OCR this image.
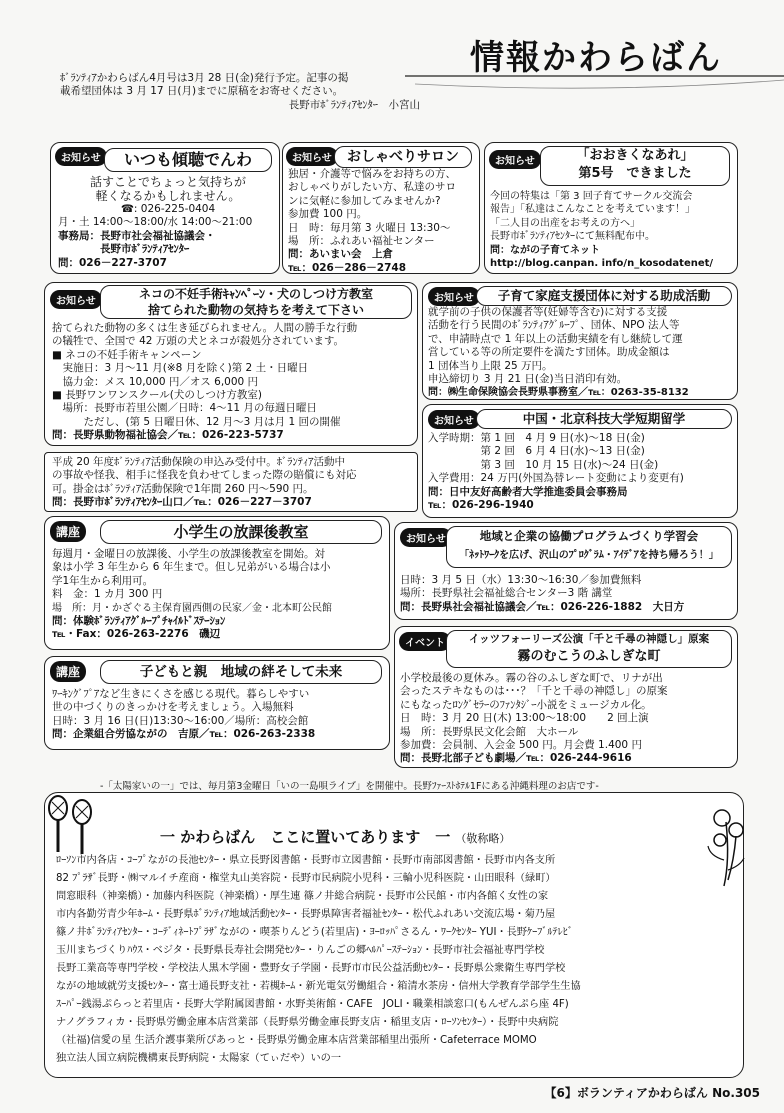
情報かわらばん

ﾎﾞﾗﾝﾃｨｱかわらばん4月号は3月 28 日(金)発行予定。記事の掲

載希望団体は 3 月 17 日(月)までに原稿をお寄せください。

長野市ﾎﾞﾗﾝﾃｨｱｾﾝﾀｰ　小宮山

お知らせ	いつも傾聴でんわ

話すことでちょっと気持ちが

軽くなるかもしれません。

☎: 026-225-0404

月・土 14:00～18:00/水 14:00～21:00

事務局：長野市社会福祉協議会・

　　　　長野市ﾎﾞﾗﾝﾃｨｱｾﾝﾀｰ

問：026－227-3707

お知らせ	おしゃべりサロン

独居・介護等で悩みをお持ちの方、

おしゃべりがしたい方、私達のサロ

ンに気軽に参加してみませんか?

参加費 100 円。

日　時：毎月第 3 火曜日 13:30～

場　所：ふれあい福祉センター

問：あいまい会　上倉

℡：026－286－2748

お知らせ	「おおきくなあれ」
第5号　できました

今回の特集は「第 3 回子育てサークル交流会

報告」「私達はこんなことを考えています！」

「二人目の出産をお考えの方へ」

長野市ﾎﾞﾗﾝﾃｨｱｾﾝﾀｰにて無料配布中。

問：ながの子育てネット

http://blog.canpan. info/n_kosodatenet/

お知らせ
ネコの不妊手術ｷｬﾝﾍﾟｰﾝ・犬のしつけ方教室
捨てられた動物の気持ちを考えて下さい

捨てられた動物の多くは生き延びられません。人間の勝手な行動

の犠牲で、全国で 42 万頭の犬とネコが殺処分されています。

■ ネコの不妊手術キャンペーン

　実施日：3 月～11 月(※8 月を除く)第 2 土・日曜日

　協力金：メス 10,000 円／オス 6,000 円

■ 長野ワンワンスクール(犬のしつけ方教室)

　場所：長野市若里公園／日時：4～11 月の毎週日曜日

　　　ただし、(第 5 日曜日休、12 月～3 月は月 1 回の開催

問：長野県動物福祉協会／℡：026-223-5737

お知らせ	子育て家庭支援団体に対する助成活動

就学前の子供の保護者等(妊婦等含む)に対する支援

活動を行う民間のﾎﾞﾗﾝﾃｨｱｸﾞﾙｰﾌﾟ、団体、NPO 法人等

で、申請時点で 1 年以上の活動実績を有し継続して運

営している等の所定要件を満たす団体。助成金額は

1 団体当り上限 25 万円。

申込締切り 3 月 21 日(金)当日消印有効。

問：㈱生命保険協会長野県事務室／℡：0263-35-8132

お知らせ	中国・北京科技大学短期留学

入学時期：第 1 回　4 月 9 日(水)～18 日(金)

　　　　　第 2 回　6 月 4 日(水)～13 日(金)

　　　　　第 3 回　10 月 15 日(水)～24 日(金)

入学費用：24 万円(外国為替レート変動により変更有)

問：日中友好高齢者大学推進委員会事務局

℡：026-296-1940

平成 20 年度ﾎﾞﾗﾝﾃｨｱ活動保険の申込み受付中。ﾎﾞﾗﾝﾃｨｱ活動中

の事故や怪我、相手に怪我を負わせてしまった際の賠償にも対応

可。掛金はﾎﾞﾗﾝﾃｨｱ活動保険で1年間 260 円～590 円。

問：長野市ﾎﾞﾗﾝﾃｨｱｾﾝﾀｰ山口／℡：026－227－3707

講座	小学生の放課後教室

毎週月・金曜日の放課後、小学生の放課後教室を開始。対

象は小学 3 年生から 6 年生まで。但し兄弟がいる場合は小

学1年生から利用可。

料　金：1 カ月 300 円

場　所：月・かざぐる主保育園西側の民家／金・北本町公民館

問：体験ﾎﾞﾗﾝﾃｨｱｸﾞﾙｰﾌﾟﾁｬｲﾙﾄﾞｽﾃｰｼｮﾝ

℡・Fax：026-263-2276　磯辺

お知らせ	地域と企業の協働プログラムづくり学習会
「ﾈｯﾄﾜｰｸを広げ、沢山のﾌﾟﾛｸﾞﾗﾑ・ｱｲﾃﾞｱを持ち帰ろう！」

日時：3 月 5 日（水）13:30～16:30／参加費無料

場所：長野県社会福祉総合センター3 階 講堂

問：長野県社会福祉協議会／℡：026-226-1882　大日方

講座	子どもと親　地域の絆そして未来

ﾜｰｷﾝｸﾞﾌﾟｱなど生きにくさを感じる現代。暮らしやすい

世の中づくりのきっかけを考えましょう。入場無料

日時：3 月 16 日(日)13:30～16:00／場所：高校会館

問：企業組合労協ながの　吉原／℡：026-263-2338

イベント	イッツフォーリーズ公演「千と千尋の神隠し」原案
霧のむこうのふしぎな町

小学校最後の夏休み。霧の谷のふしぎな町で、リナが出

会ったステキなものは･･･？「千と千尋の神隠し」の原案

にもなったﾛﾝｸﾞｾﾗｰのﾌｧﾝﾀｼﾞｰ小説をミュージカル化。

日　時：3 月 20 日(木) 13:00～18:00　　2 回上演

場　所：長野県民文化会館　大ホール

参加費：会員制、入会金 500 円。月会費 1.400 円

問：長野北部子ども劇場／℡：026-244-9616

-「太陽家いの一」では、毎月第3金曜日「いの一島唄ライブ」を開催中。長野ﾌｧｰｽﾄﾎﾃﾙ1Fにある沖縄料理のお店です-
一 かわらばん　ここに置いてあります　一 （敬称略）

ﾛｰｿﾝ市内各店・ｺｰﾌﾟながの長池ｾﾝﾀｰ・県立長野図書館・長野市立図書館・長野市南部図書館・長野市内各支所

82 ﾌﾟﾗｻﾞ長野・㈱マルイチ産商・権堂丸山美容院・長野市民病院小児科・三輪小児科医院・山田眼科（緑町）

問窓眼科（神楽橋）・加藤内科医院（神楽橋）・厚生連 篠ノ井総合病院・長野市公民館・市内各館く女性の家

市内各勤労青少年ﾎｰﾑ・長野県ﾎﾞﾗﾝﾃｨｱ地域活動ｾﾝﾀｰ・長野県障害者福祉ｾﾝﾀｰ・松代ふれあい交流広場・菊乃屋

篠ノ井ﾎﾞﾗﾝﾃｨｱｾﾝﾀｰ・ｺｰﾃﾞｨﾈｰﾄﾌﾟﾗｻﾞながの・喫茶りんどう(若里店)・ﾖｰﾛｯﾊﾟさるん・ﾜｰｸｾﾝﾀｰ YUI・長野ｹｰﾌﾞﾙﾃﾚﾋﾞ

玉川まちづくりﾊｳｽ・ベジタ・長野県長寿社会開発ｾﾝﾀｰ・りんごの郷ﾍﾙﾊﾟｰｽﾃｰｼｮﾝ・長野市社会福祉専門学校

長野工業高等専門学校・学校法人黒木学園・豊野女子学園・長野市市民公益活動ｾﾝﾀｰ・長野県公衆衛生専門学校

ながの地域就労支援ｾﾝﾀｰ・富士通長野支社・若槻ﾎｰﾑ・新光電気労働組合・箱清水茶房・信州大学教育学部学生生協

ｽｰﾊﾟｰ銭湯ぷらっと若里店・長野大学附属図書館・水野美術館・CAFE　JOLI・職業相談窓口(もんぜんぷら座 4F)

ナノグラフィカ・長野県労働金庫本店営業部（長野県労働金庫長野支店・稲里支店・ﾛｰｿﾝｾﾝﾀｰ）・長野中央病院

（社福)信愛の星 生活介護事業所ぴあっと・長野県労働金庫本店営業部稲里出張所・Cafeterrace MOMO

独立法人国立病院機構東長野病院・太陽家（てぃだや）いの一

【6】ボランティアかわらばん No.305
